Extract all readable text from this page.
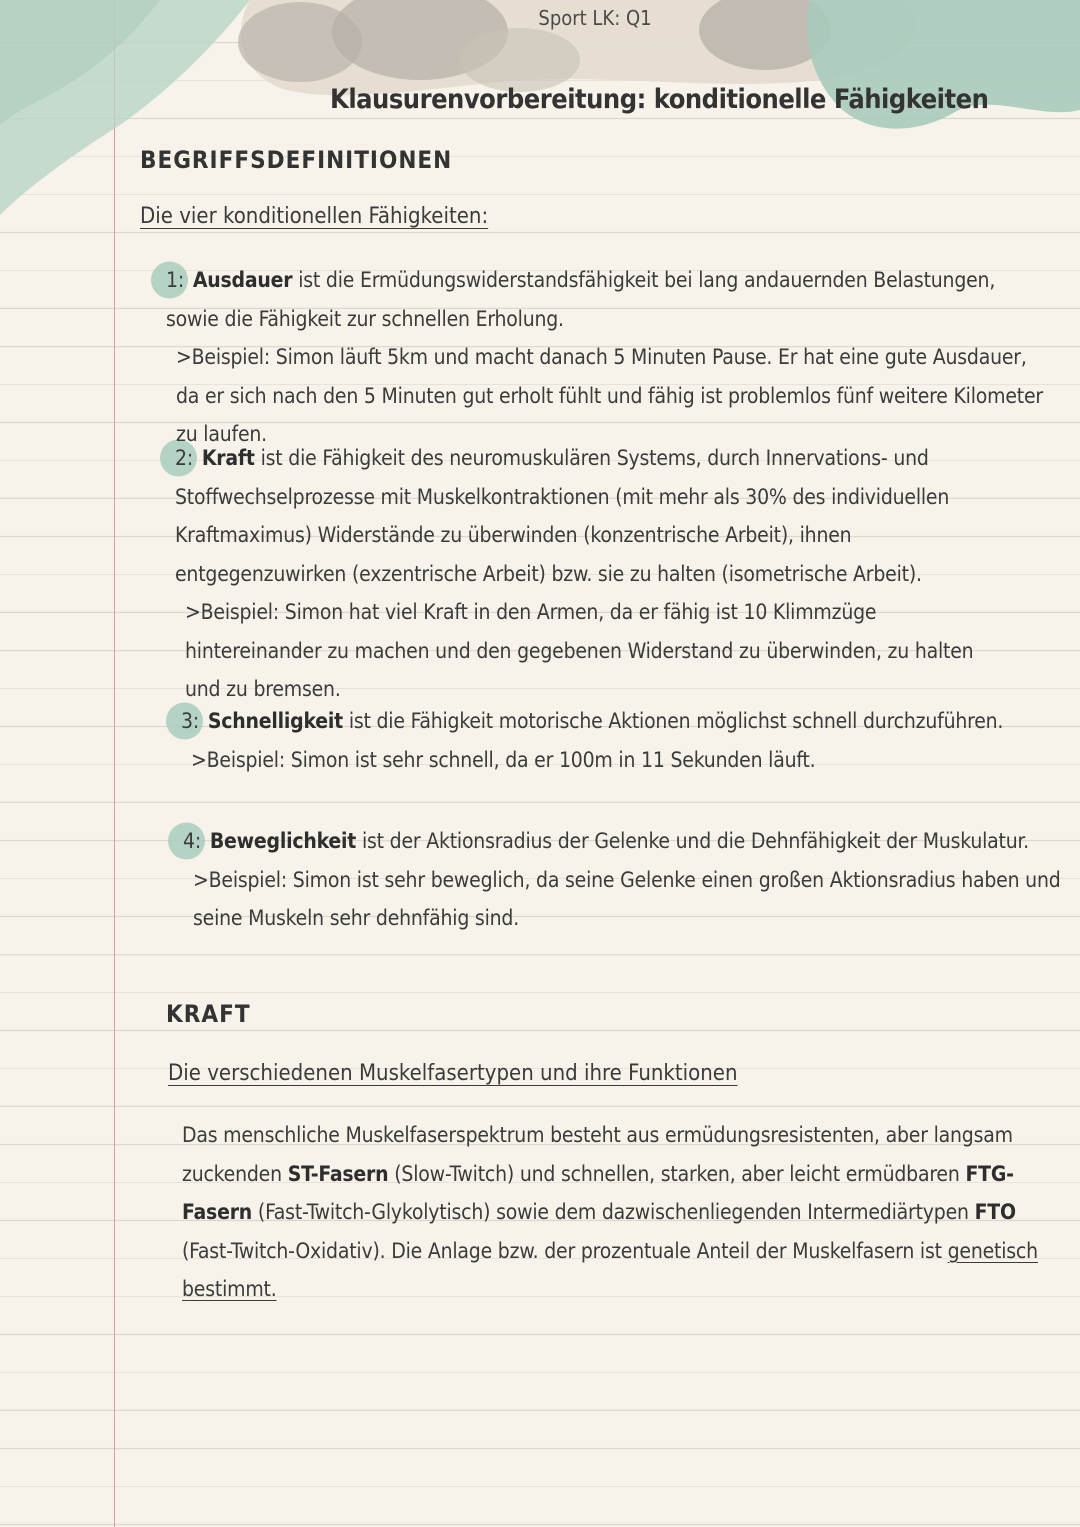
Sport LK: Q1

Klausurenvorbereitung: konditionelle Fähigkeiten
BEGRIFFSDEFINITIONEN

Die vier konditionellen Fähigkeiten:

1: Ausdauer ist die Ermüdungswiderstandsfähigkeit bei lang andauernden Belastungen, sowie die Fähigkeit zur schnellen Erholung.
>Beispiel: Simon läuft 5km und macht danach 5 Minuten Pause. Er hat eine gute Ausdauer, da er sich nach den 5 Minuten gut erholt fühlt und fähig ist problemlos fünf weitere Kilometer zu laufen.
2: Kraft ist die Fähigkeit des neuromuskulären Systems, durch Innervations- und Stoffwechselprozesse mit Muskelkontraktionen (mit mehr als 30% des individuellen Kraftmaximus) Widerstände zu überwinden (konzentrische Arbeit), ihnen entgegenzuwirken (exzentrische Arbeit) bzw. sie zu halten (isometrische Arbeit).
>Beispiel: Simon hat viel Kraft in den Armen, da er fähig ist 10 Klimmzüge hintereinander zu machen und den gegebenen Widerstand zu überwinden, zu halten und zu bremsen.
3: Schnelligkeit ist die Fähigkeit motorische Aktionen möglichst schnell durchzuführen.
>Beispiel: Simon ist sehr schnell, da er 100m in 11 Sekunden läuft.
4: Beweglichkeit ist der Aktionsradius der Gelenke und die Dehnfähigkeit der Muskulatur.
>Beispiel: Simon ist sehr beweglich, da seine Gelenke einen großen Aktionsradius haben und seine Muskeln sehr dehnfähig sind.
KRAFT

Die verschiedenen Muskelfasertypen und ihre Funktionen

Das menschliche Muskelfaserspektrum besteht aus ermüdungsresistenten, aber langsam zuckenden ST-Fasern (Slow-Twitch) und schnellen, starken, aber leicht ermüdbaren FTG-Fasern (Fast-Twitch-Glykolytisch) sowie dem dazwischenliegenden Intermediärtypen FTO (Fast-Twitch-Oxidativ). Die Anlage bzw. der prozentuale Anteil der Muskelfasern ist genetisch bestimmt.
